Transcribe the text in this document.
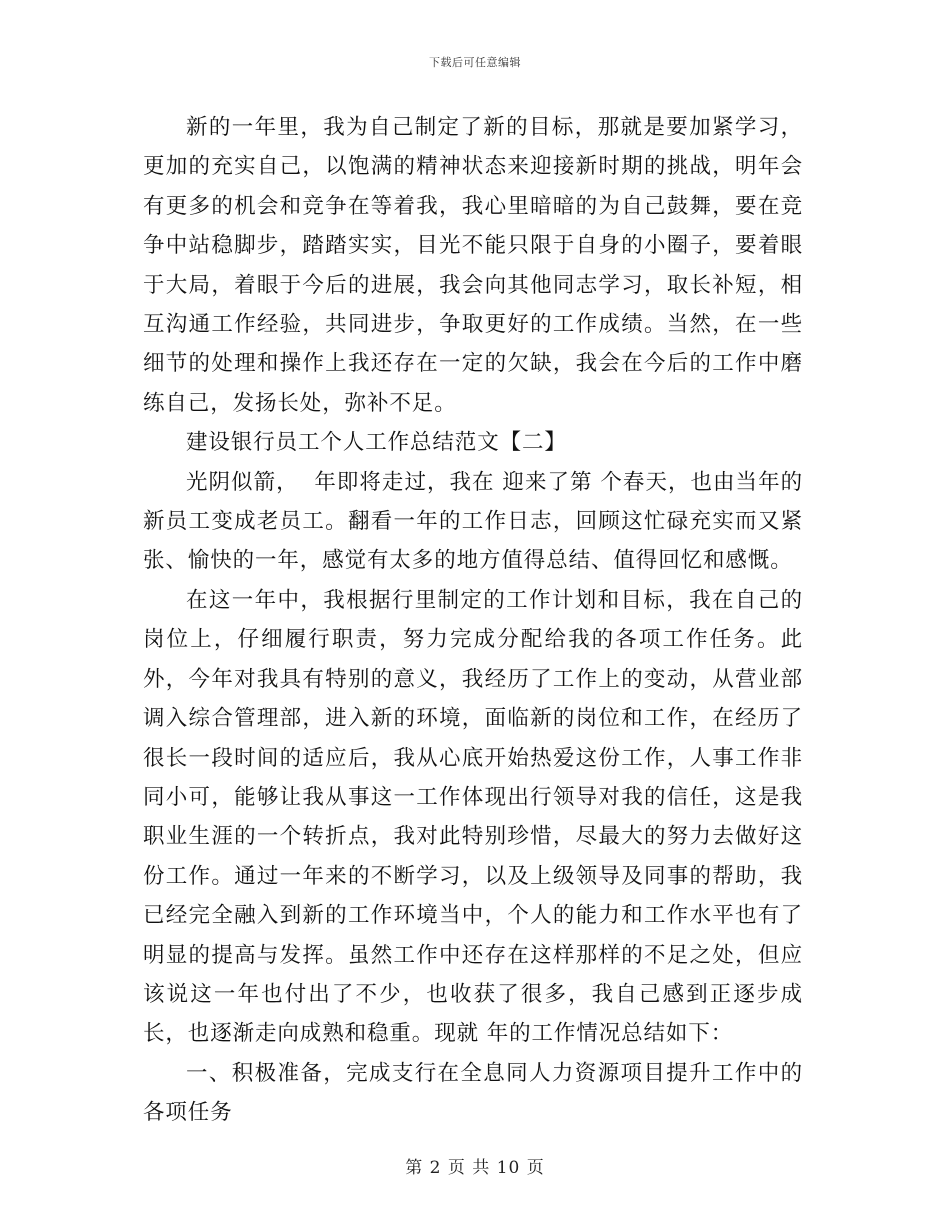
下载后可任意编辑

新的一年里，我为自己制定了新的目标，那就是要加紧学习，更加的充实自己，以饱满的精神状态来迎接新时期的挑战，明年会有更多的机会和竞争在等着我，我心里暗暗的为自己鼓舞，要在竞争中站稳脚步，踏踏实实，目光不能只限于自身的小圈子，要着眼于大局，着眼于今后的进展，我会向其他同志学习，取长补短，相互沟通工作经验，共同进步，争取更好的工作成绩。当然，在一些细节的处理和操作上我还存在一定的欠缺，我会在今后的工作中磨练自己，发扬长处，弥补不足。

建设银行员工个人工作总结范文【二】

光阴似箭，  年即将走过，我在 迎来了第 个春天，也由当年的新员工变成老员工。翻看一年的工作日志，回顾这忙碌充实而又紧张、愉快的一年，感觉有太多的地方值得总结、值得回忆和感慨。

在这一年中，我根据行里制定的工作计划和目标，我在自己的岗位上，仔细履行职责，努力完成分配给我的各项工作任务。此外，今年对我具有特别的意义，我经历了工作上的变动，从营业部调入综合管理部，进入新的环境，面临新的岗位和工作，在经历了很长一段时间的适应后，我从心底开始热爱这份工作，人事工作非同小可，能够让我从事这一工作体现出行领导对我的信任，这是我职业生涯的一个转折点，我对此特别珍惜，尽最大的努力去做好这份工作。通过一年来的不断学习，以及上级领导及同事的帮助，我已经完全融入到新的工作环境当中，个人的能力和工作水平也有了明显的提高与发挥。虽然工作中还存在这样那样的不足之处，但应该说这一年也付出了不少，也收获了很多，我自己感到正逐步成长，也逐渐走向成熟和稳重。现就 年的工作情况总结如下：

一、积极准备，完成支行在全息同人力资源项目提升工作中的各项任务

第 2 页 共 10 页
